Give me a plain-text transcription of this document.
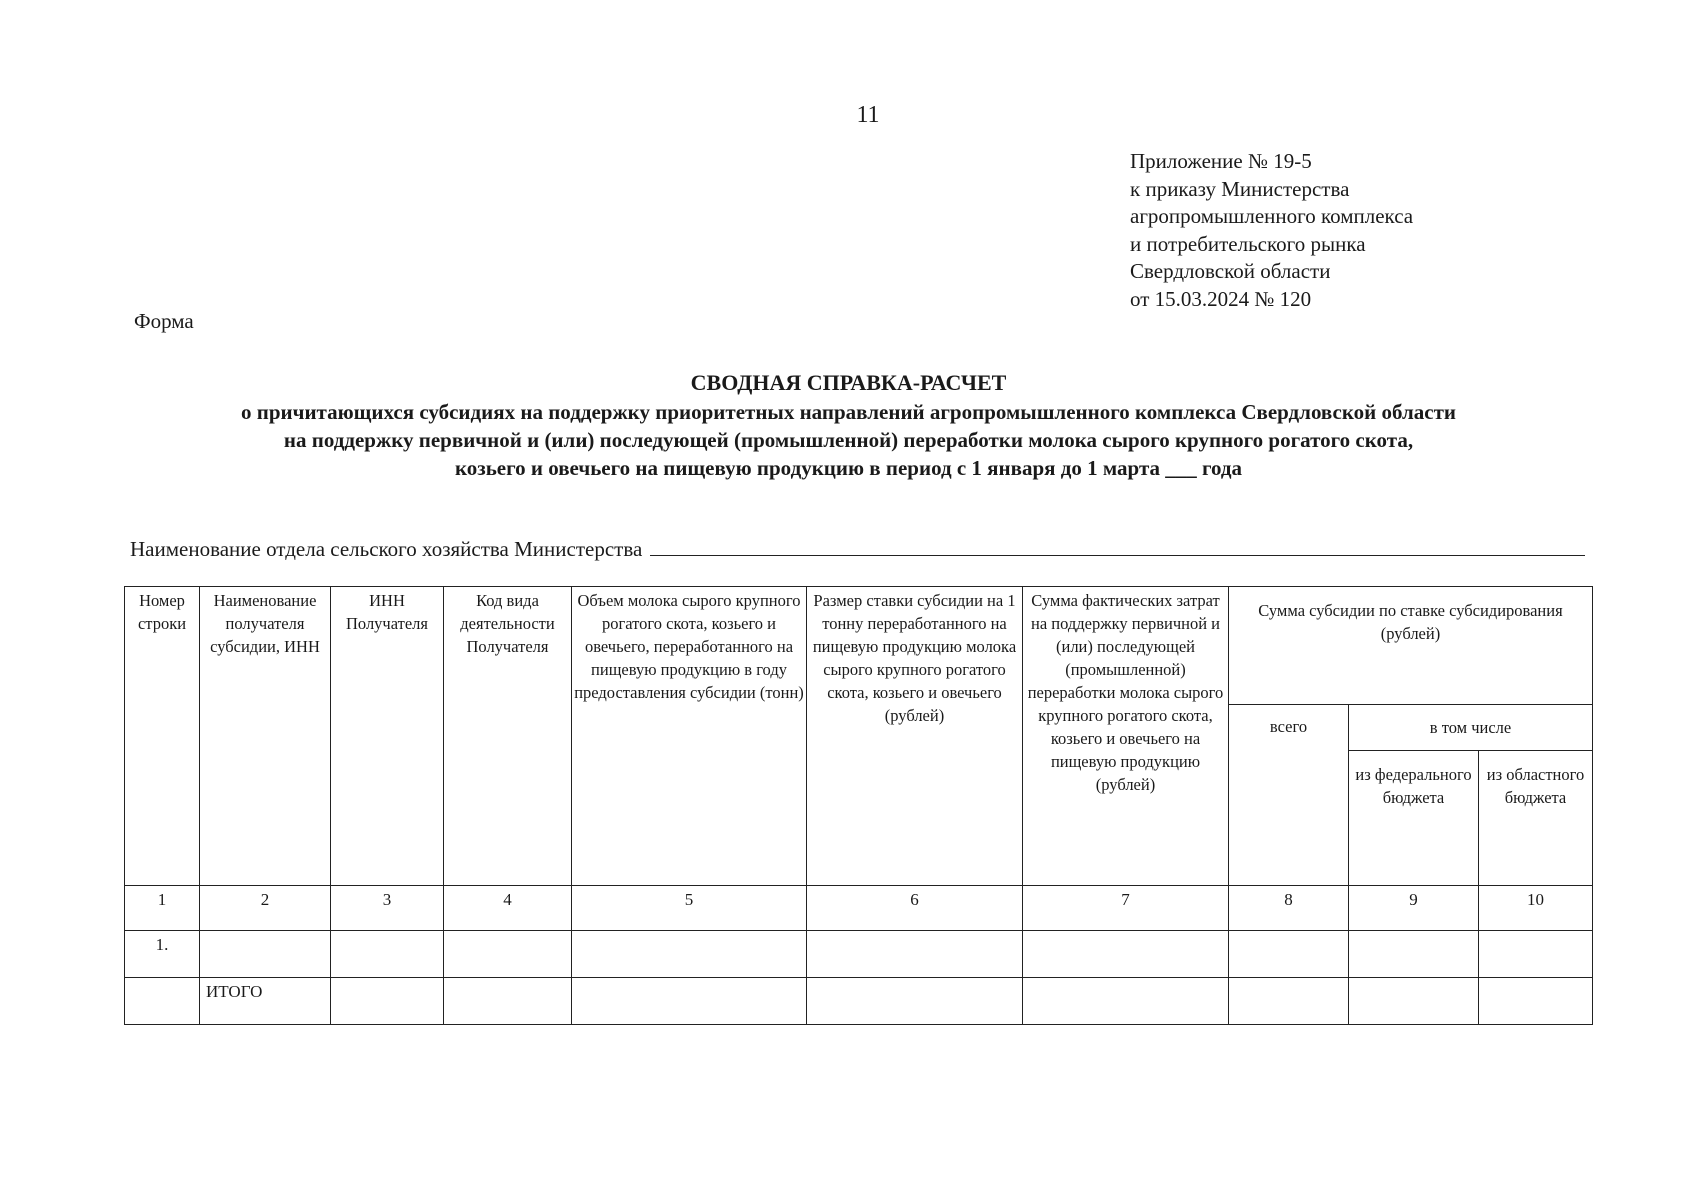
11
Приложение № 19-5
к приказу Министерства
агропромышленного комплекса
и потребительского рынка
Свердловской области
от 15.03.2024 № 120
Форма
СВОДНАЯ СПРАВКА-РАСЧЕТ
о причитающихся субсидиях на поддержку приоритетных направлений агропромышленного комплекса Свердловской области
на поддержку первичной и (или) последующей (промышленной) переработки молока сырого крупного рогатого скота,
козьего и овечьего на пищевую продукцию в период с 1 января до 1 марта ___ года
Наименование отдела сельского хозяйства Министерства
Номер строки	Наименование получателя субсидии, ИНН	ИНН Получателя	Код вида деятельности Получателя	Объем молока сырого крупного рогатого скота, козьего и овечьего, переработанного на пищевую продукцию в году предоставления субсидии (тонн)	Размер ставки субсидии на 1 тонну переработанного на пищевую продукцию молока сырого крупного рогатого скота, козьего и овечьего (рублей)	Сумма фактических затрат на поддержку первичной и (или) последующей (промышленной) переработки молока сырого крупного рогатого скота, козьего и овечьего на пищевую продукцию (рублей)	Сумма субсидии по ставке субсидирования (рублей)		
							всего	в том числе	
								из федерального бюджета	из областного бюджета
1	2	3	4	5	6	7	8	9	10
1.									
	ИТОГО								
